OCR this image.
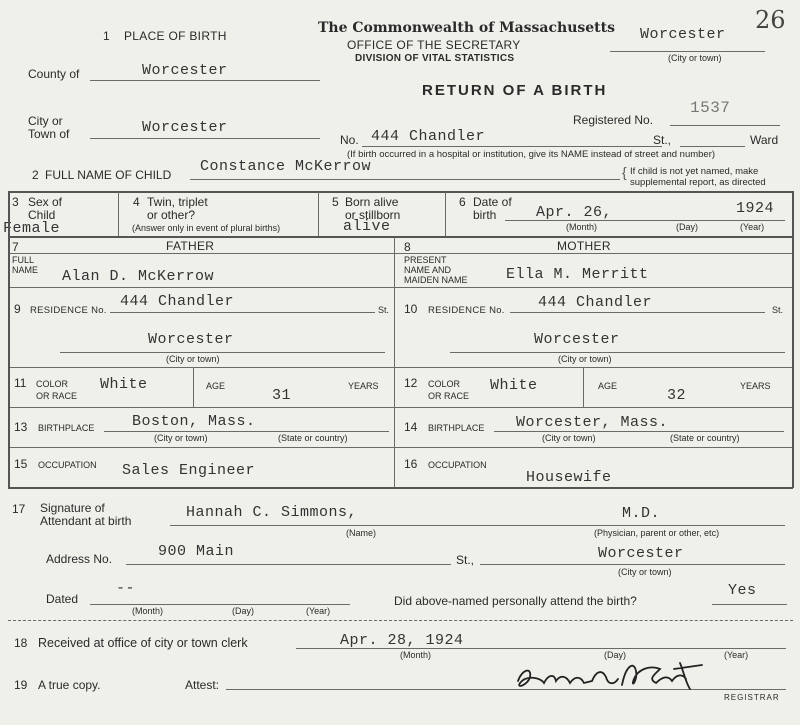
1 PLACE OF BIRTH	The Commonwealth of Massachusetts
OFFICE OF THE SECRETARY
DIVISION OF VITAL STATISTICS
Worcester
(City or town)
26
RETURN OF A BIRTH
County of	Worcester
City or
Town of	Worcester	Registered No.
1537
No. 444 Chandler	St.,	Ward
(If birth occurred in a hospital or institution, give its NAME instead of street and number)
2 FULL NAME OF CHILD Constance McKerrow	{ If child is not yet named, make
supplemental report, as directed
3 Sex of
Child
Female
4 Twin, triplet
or other?
(Answer only in event of plural births)
5 Born alive
or stillborn
alive
6 Date of
birth	Apr. 26,	1924
(Month)	(Day)	(Year)
7	FATHER
FULL
NAME Alan D. McKerrow
9 RESIDENCE No.
444 Chandler	St.
Worcester
(City or town)
11 COLOR
OR RACE
White	AGE
31
YEARS
13 BIRTHPLACE	Boston, Mass.
(City or town)	(State or country)
15 OCCUPATION Sales Engineer
8	MOTHER
PRESENT
NAME AND
MAIDEN NAME	Ella M. Merritt
10 RESIDENCE No. 444 Chandler	St.
Worcester
(City or town)
12 COLOR
OR RACE
White	AGE
32
YEARS
14 BIRTHPLACE Worcester, Mass.
(City or town)	(State or country)
16 OCCUPATION
Housewife
17 Signature of
Attendant at birth	Hannah C. Simmons,	M.D.
(Name)	(Physician, parent or other, etc)
Address No.	900 Main	St.,	Worcester
(City or town)
Dated
--
(Month)	(Day)	(Year)
Did above-named personally attend the birth?
Yes
18 Received at office of city or town clerk	Apr. 28, 1924
(Month)	(Day)	(Year)
19 A true copy.	Attest:
REGISTRAR
